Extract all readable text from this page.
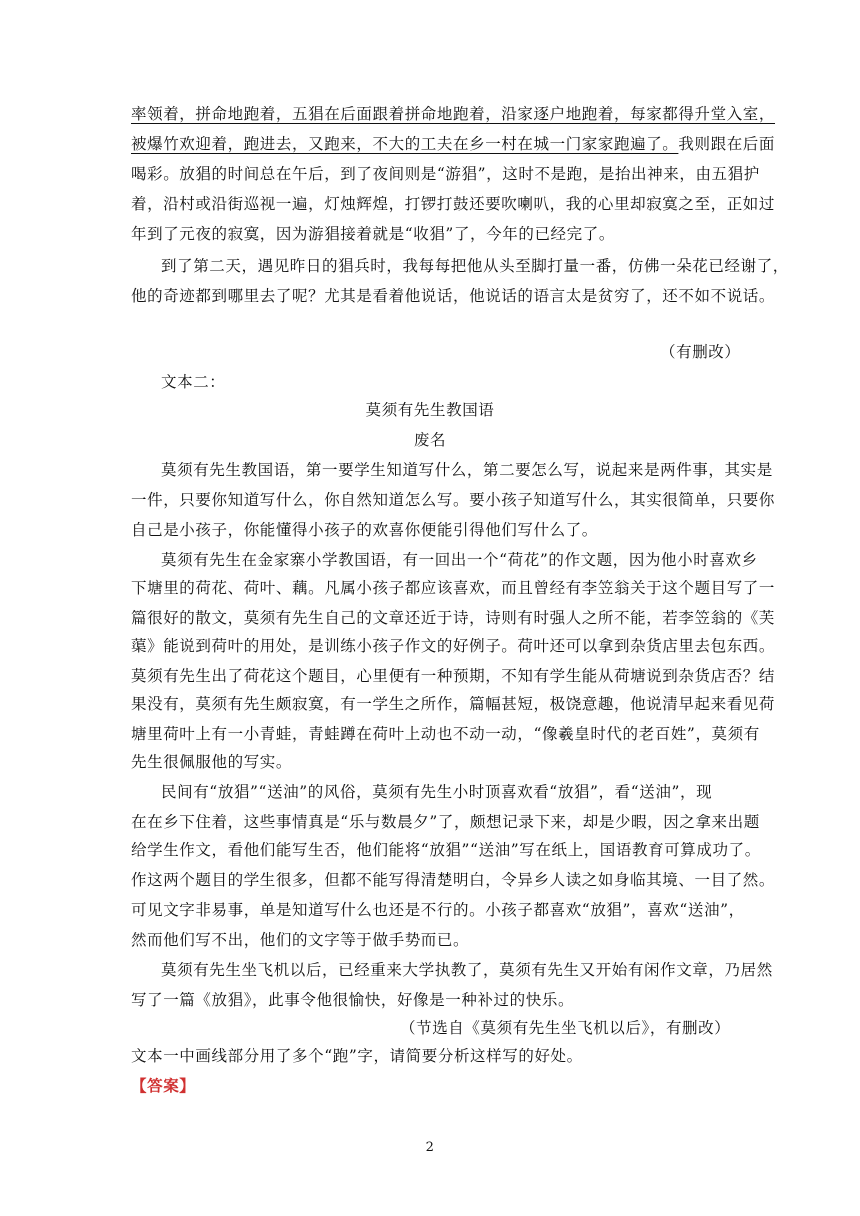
率领着，拼命地跑着，五猖在后面跟着拼命地跑着，沿家逐户地跑着，每家都得升堂入室，
被爆竹欢迎着，跑进去，又跑来，不大的工夫在乡一村在城一门家家跑遍了。我则跟在后面
喝彩。放猖的时间总在午后，到了夜间则是“游猖”，这时不是跑，是抬出神来，由五猖护
着，沿村或沿街巡视一遍，灯烛辉煌，打锣打鼓还要吹喇叭，我的心里却寂寞之至，正如过
年到了元夜的寂寞，因为游猖接着就是“收猖”了，今年的已经完了。
到了第二天，遇见昨日的猖兵时，我每每把他从头至脚打量一番，仿佛一朵花已经谢了，
他的奇迹都到哪里去了呢？尤其是看着他说话，他说话的语言太是贫穷了，还不如不说话。
（有删改）
文本二：
莫须有先生教国语
废名
莫须有先生教国语，第一要学生知道写什么，第二要怎么写，说起来是两件事，其实是
一件，只要你知道写什么，你自然知道怎么写。要小孩子知道写什么，其实很简单，只要你
自己是小孩子，你能懂得小孩子的欢喜你便能引得他们写什么了。
莫须有先生在金家寨小学教国语，有一回出一个“荷花”的作文题，因为他小时喜欢乡
下塘里的荷花、荷叶、藕。凡属小孩子都应该喜欢，而且曾经有李笠翁关于这个题目写了一
篇很好的散文，莫须有先生自己的文章还近于诗，诗则有时强人之所不能，若李笠翁的《芙
蕖》能说到荷叶的用处，是训练小孩子作文的好例子。荷叶还可以拿到杂货店里去包东西。
莫须有先生出了荷花这个题目，心里便有一种预期，不知有学生能从荷塘说到杂货店否？结
果没有，莫须有先生颇寂寞，有一学生之所作，篇幅甚短，极饶意趣，他说清早起来看见荷
塘里荷叶上有一小青蛙，青蛙蹲在荷叶上动也不动一动，“像羲皇时代的老百姓”，莫须有
先生很佩服他的写实。
民间有“放猖”“送油”的风俗，莫须有先生小时顶喜欢看“放猖”，看“送油”，现
在在乡下住着，这些事情真是“乐与数晨夕”了，颇想记录下来，却是少暇，因之拿来出题
给学生作文，看他们能写生否，他们能将“放猖”“送油”写在纸上，国语教育可算成功了。
作这两个题目的学生很多，但都不能写得清楚明白，令异乡人读之如身临其境、一目了然。
可见文字非易事，单是知道写什么也还是不行的。小孩子都喜欢“放猖”，喜欢“送油”，
然而他们写不出，他们的文字等于做手势而已。
莫须有先生坐飞机以后，已经重来大学执教了，莫须有先生又开始有闲作文章，乃居然
写了一篇《放猖》，此事令他很愉快，好像是一种补过的快乐。
（节选自《莫须有先生坐飞机以后》，有删改）
文本一中画线部分用了多个“跑”字，请简要分析这样写的好处。
【答案】
2
